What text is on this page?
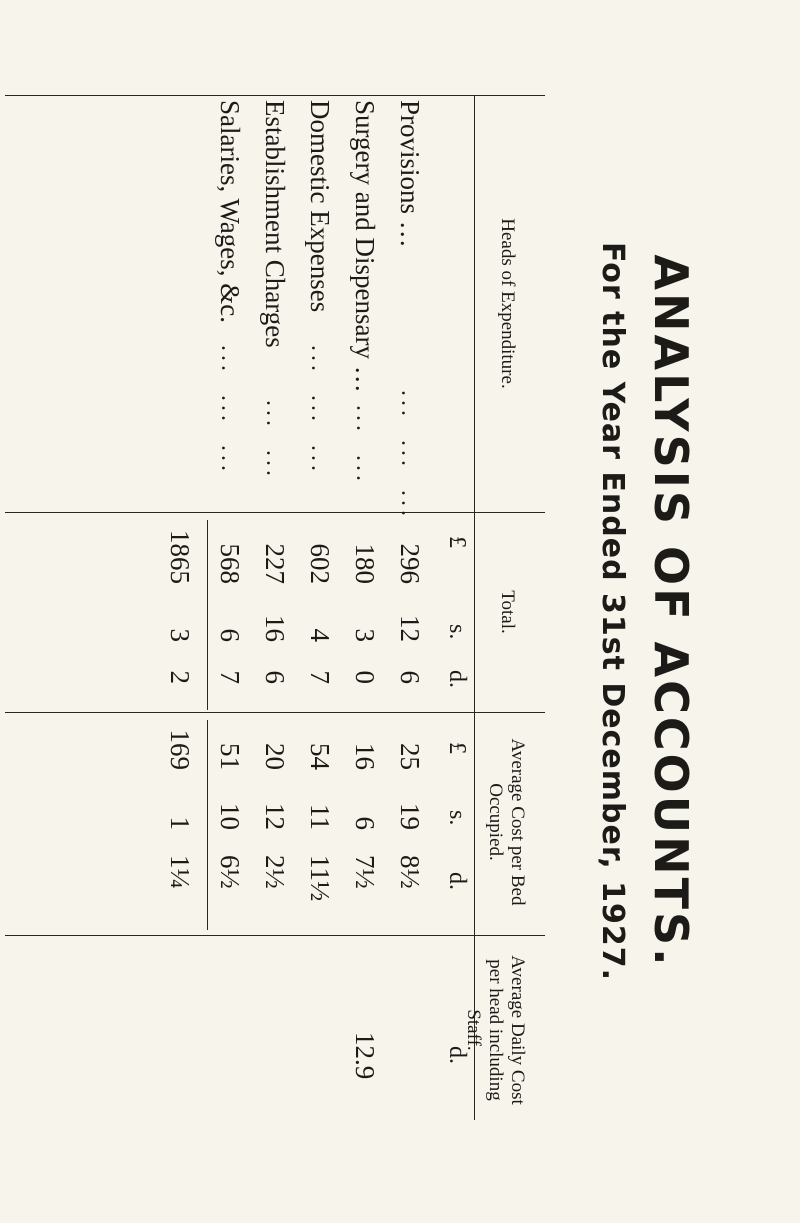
ANALYSIS OF ACCOUNTS.
For the Year Ended 31st December, 1927.
Heads of Expenditure.
Total.
Average Cost per Bed Occupied.
Average Daily Cost per head including Staff.
£
s.
d.
£
s.
d.
d.
Provisions …
...  ...  ...
296
12
6
25
19
8½
Surgery and Dispensary …
...  ...
180
3
0
16
6
7½
12.9
Domestic Expenses
...  ...  ...
602
4
7
54
11
11½
Establishment Charges
...  ...
227
16
6
20
12
2½
Salaries, Wages, &c.
...  ...  ...
568
6
7
51
10
6½
1865
3
2
169
1
1¼
